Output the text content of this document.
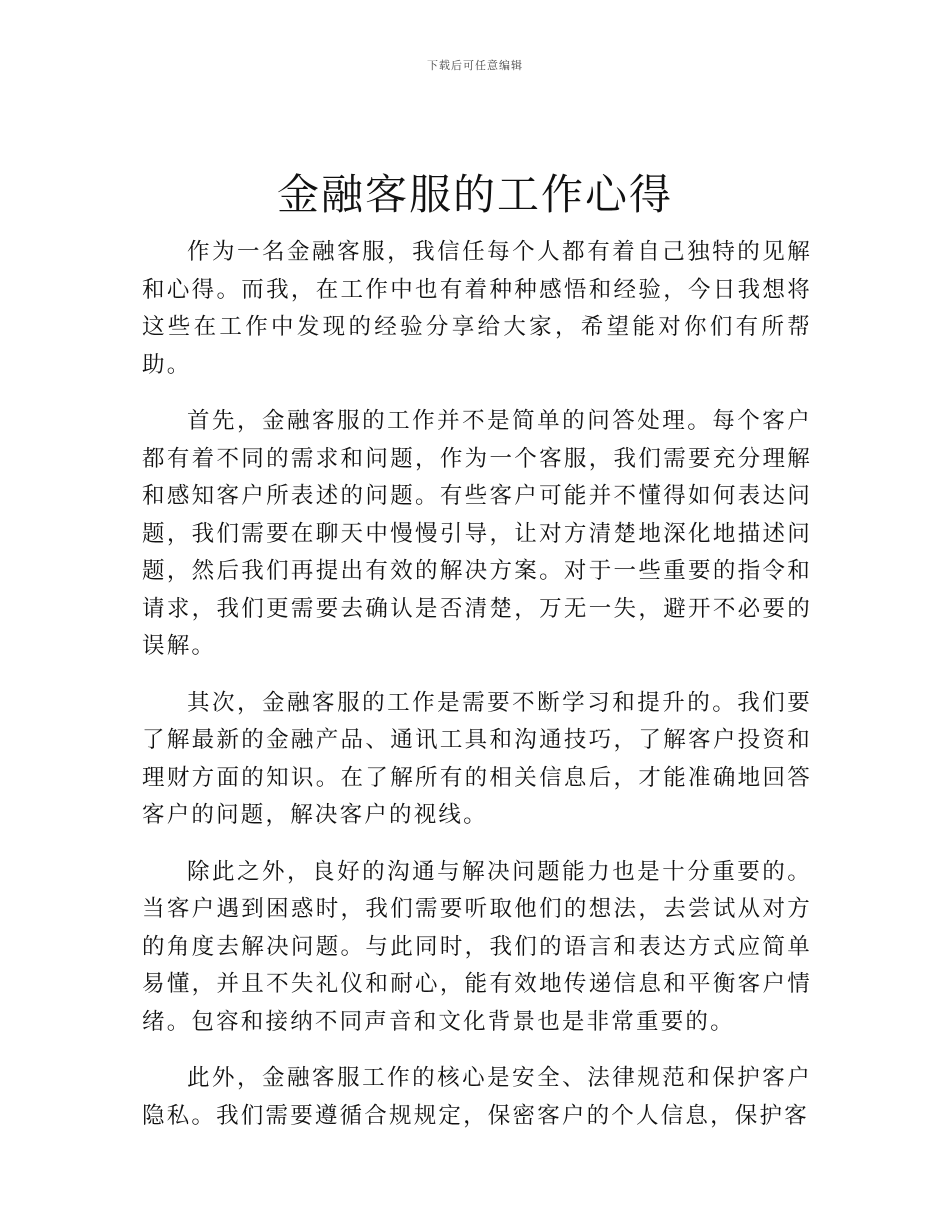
下载后可任意编辑
金融客服的工作心得

作为一名金融客服，我信任每个人都有着自己独特的见解和心得。而我，在工作中也有着种种感悟和经验，今日我想将这些在工作中发现的经验分享给大家，希望能对你们有所帮助。

首先，金融客服的工作并不是简单的问答处理。每个客户都有着不同的需求和问题，作为一个客服，我们需要充分理解和感知客户所表述的问题。有些客户可能并不懂得如何表达问题，我们需要在聊天中慢慢引导，让对方清楚地深化地描述问题，然后我们再提出有效的解决方案。对于一些重要的指令和请求，我们更需要去确认是否清楚，万无一失，避开不必要的误解。

其次，金融客服的工作是需要不断学习和提升的。我们要了解最新的金融产品、通讯工具和沟通技巧，了解客户投资和理财方面的知识。在了解所有的相关信息后，才能准确地回答客户的问题，解决客户的视线。

除此之外，良好的沟通与解决问题能力也是十分重要的。当客户遇到困惑时，我们需要听取他们的想法，去尝试从对方的角度去解决问题。与此同时，我们的语言和表达方式应简单易懂，并且不失礼仪和耐心，能有效地传递信息和平衡客户情绪。包容和接纳不同声音和文化背景也是非常重要的。

此外，金融客服工作的核心是安全、法律规范和保护客户隐私。我们需要遵循合规规定，保密客户的个人信息，保护客
